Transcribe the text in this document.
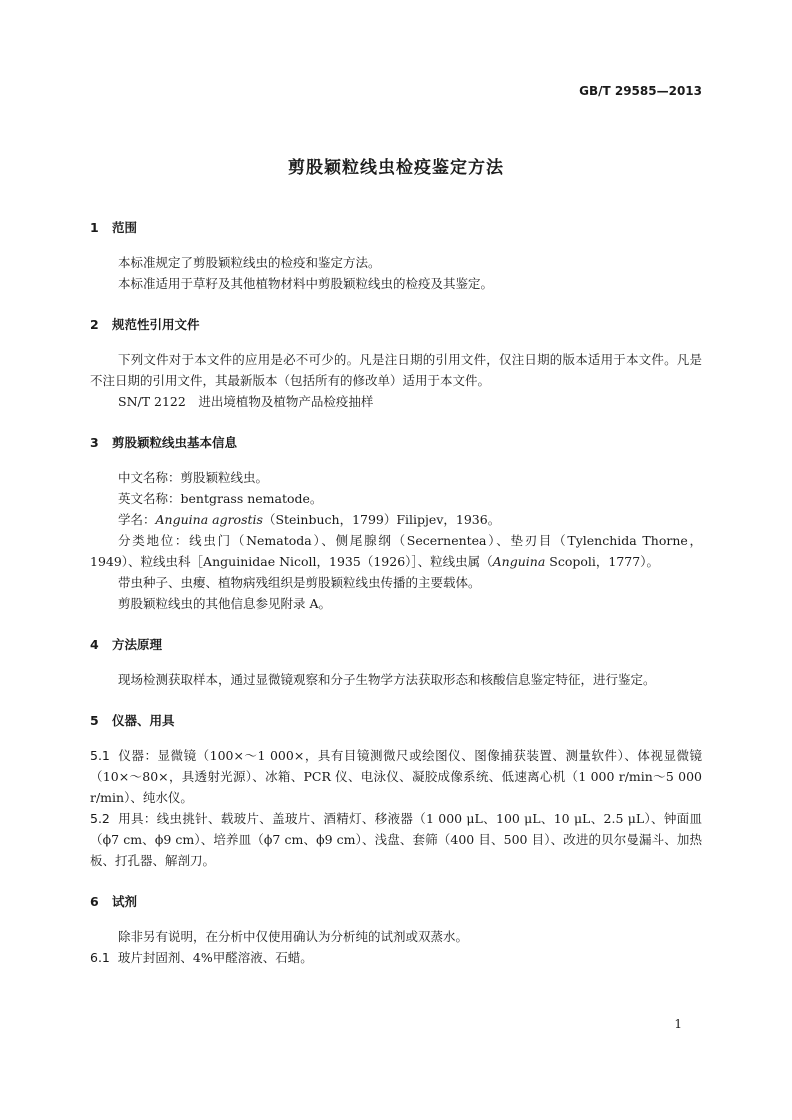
GB/T 29585—2013
剪股颖粒线虫检疫鉴定方法

1 范围

本标准规定了剪股颖粒线虫的检疫和鉴定方法。

本标准适用于草籽及其他植物材料中剪股颖粒线虫的检疫及其鉴定。

2 规范性引用文件

下列文件对于本文件的应用是必不可少的。凡是注日期的引用文件，仅注日期的版本适用于本文件。凡是不注日期的引用文件，其最新版本（包括所有的修改单）适用于本文件。

SN/T 2122　进出境植物及植物产品检疫抽样

3 剪股颖粒线虫基本信息

中文名称：剪股颖粒线虫。

英文名称：bentgrass nematode。

学名：Anguina agrostis（Steinbuch，1799）Filipjev，1936。

分类地位：线虫门（Nematoda）、侧尾腺纲（Secernentea）、垫刃目（Tylenchida Thorne，1949）、粒线虫科［Anguinidae Nicoll，1935（1926）］、粒线虫属（Anguina Scopoli，1777）。

带虫种子、虫瘿、植物病残组织是剪股颖粒线虫传播的主要载体。

剪股颖粒线虫的其他信息参见附录 A。

4 方法原理

现场检测获取样本，通过显微镜观察和分子生物学方法获取形态和核酸信息鉴定特征，进行鉴定。

5 仪器、用具

5.1 仪器：显微镜（100×～1 000×，具有目镜测微尺或绘图仪、图像捕获装置、测量软件）、体视显微镜（10×～80×，具透射光源）、冰箱、PCR 仪、电泳仪、凝胶成像系统、低速离心机（1 000 r/min～5 000 r/min）、纯水仪。

5.2 用具：线虫挑针、载玻片、盖玻片、酒精灯、移液器（1 000 μL、100 μL、10 μL、2.5 μL）、钟面皿（ϕ7 cm、ϕ9 cm）、培养皿（ϕ7 cm、ϕ9 cm）、浅盘、套筛（400 目、500 目）、改进的贝尔曼漏斗、加热板、打孔器、解剖刀。

6 试剂

除非另有说明，在分析中仅使用确认为分析纯的试剂或双蒸水。

6.1 玻片封固剂、4%甲醛溶液、石蜡。

1
